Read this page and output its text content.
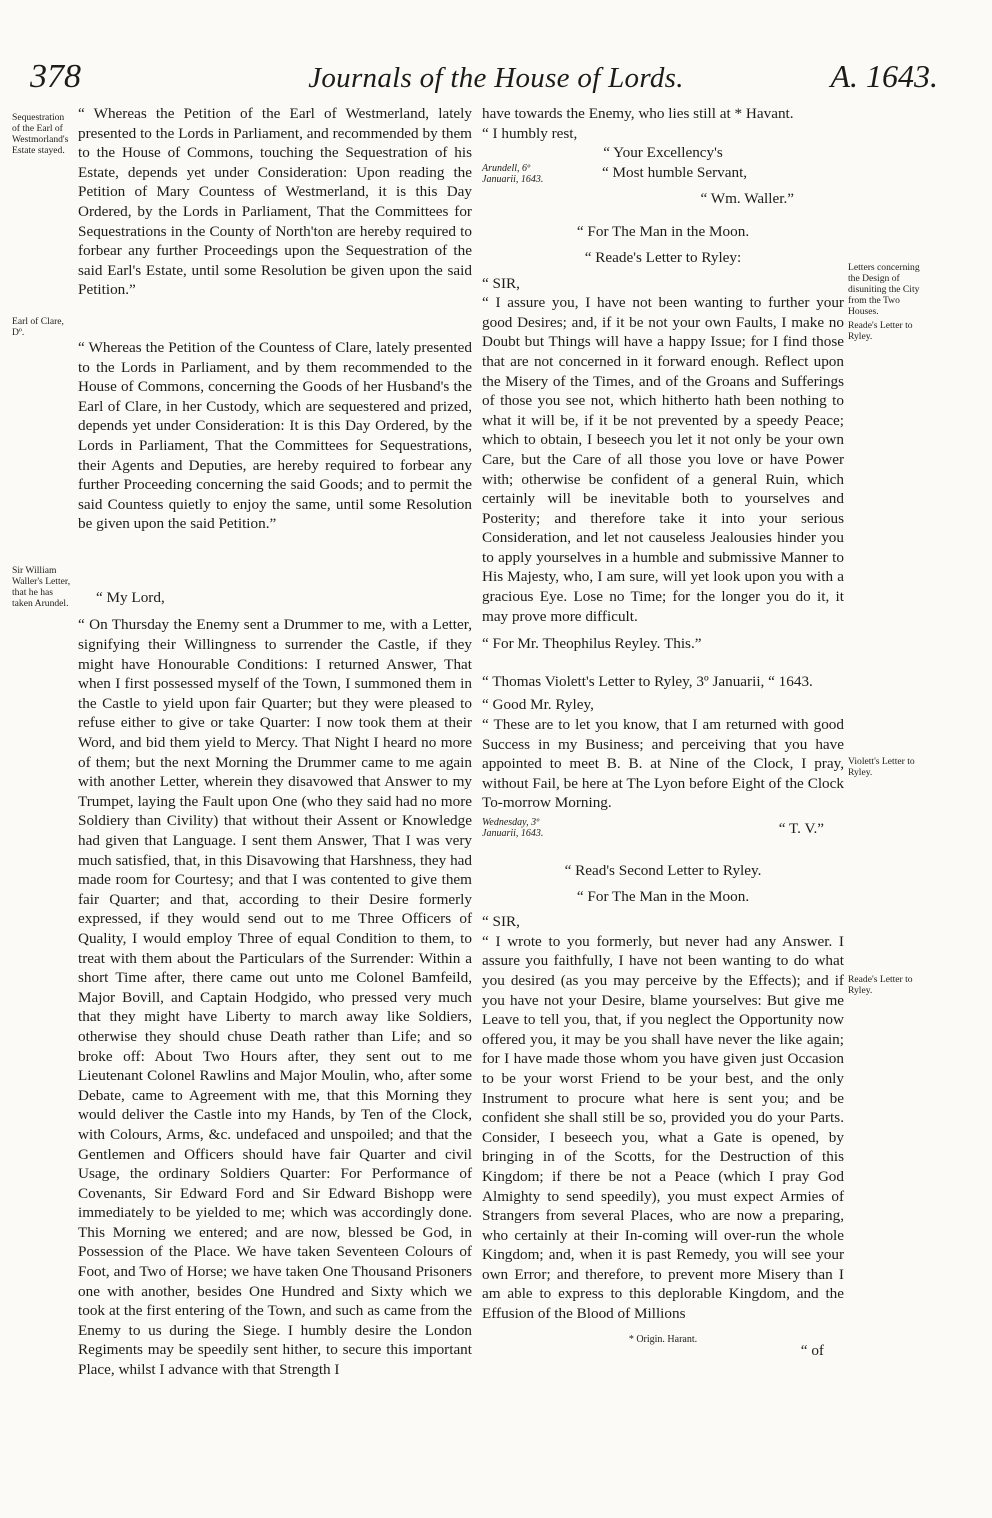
378	Journals of the House of Lords.	A. 1643.
Sequestration of the Earl of Westmorland's Estate stayed.
Earl of Clare, Dº.
Sir William Waller's Letter, that he has taken Arundel.
Letters concerning the Design of disuniting the City from the Two Houses.
Reade's Letter to Ryley.
Violett's Letter to Ryley.
Reade's Letter to Ryley.

“ Whereas the Petition of the Earl of Westmerland, lately presented to the Lords in Parliament, and recommended by them to the House of Commons, touching the Sequestration of his Estate, depends yet under Consideration: Upon reading the Petition of Mary Countess of Westmerland, it is this Day Ordered, by the Lords in Parliament, That the Committees for Sequestrations in the County of North'ton are hereby required to forbear any further Proceedings upon the Sequestration of the said Earl's Estate, until some Resolution be given upon the said Petition.”

“ Whereas the Petition of the Countess of Clare, lately presented to the Lords in Parliament, and by them recommended to the House of Commons, concerning the Goods of her Husband's the Earl of Clare, in her Custody, which are sequestered and prized, depends yet under Consideration: It is this Day Ordered, by the Lords in Parliament, That the Committees for Sequestrations, their Agents and Deputies, are hereby required to forbear any further Proceeding concerning the said Goods; and to permit the said Countess quietly to enjoy the same, until some Resolution be given upon the said Petition.”

“ My Lord,

“ On Thursday the Enemy sent a Drummer to me, with a Letter, signifying their Willingness to surrender the Castle, if they might have Honourable Conditions: I returned Answer, That when I first possessed myself of the Town, I summoned them in the Castle to yield upon fair Quarter; but they were pleased to refuse either to give or take Quarter: I now took them at their Word, and bid them yield to Mercy. That Night I heard no more of them; but the next Morning the Drummer came to me again with another Letter, wherein they disavowed that Answer to my Trumpet, laying the Fault upon One (who they said had no more Soldiery than Civility) that without their Assent or Knowledge had given that Language. I sent them Answer, That I was very much satisfied, that, in this Disavowing that Harshness, they had made room for Courtesy; and that I was contented to give them fair Quarter; and that, according to their Desire formerly expressed, if they would send out to me Three Officers of Quality, I would employ Three of equal Condition to them, to treat with them about the Particulars of the Surrender: Within a short Time after, there came out unto me Colonel Bamfeild, Major Bovill, and Captain Hodgido, who pressed very much that they might have Liberty to march away like Soldiers, otherwise they should chuse Death rather than Life; and so broke off: About Two Hours after, they sent out to me Lieutenant Colonel Rawlins and Major Moulin, who, after some Debate, came to Agreement with me, that this Morning they would deliver the Castle into my Hands, by Ten of the Clock, with Colours, Arms, &c. undefaced and unspoiled; and that the Gentlemen and Officers should have fair Quarter and civil Usage, the ordinary Soldiers Quarter: For Performance of Covenants, Sir Edward Ford and Sir Edward Bishopp were immediately to be yielded to me; which was accordingly done. This Morning we entered; and are now, blessed be God, in Possession of the Place. We have taken Seventeen Colours of Foot, and Two of Horse; we have taken One Thousand Prisoners one with another, besides One Hundred and Sixty which we took at the first entering of the Town, and such as came from the Enemy to us during the Siege. I humbly desire the London Regiments may be speedily sent hither, to secure this important Place, whilst I advance with that Strength I

have towards the Enemy, who lies still at * Havant.

“ I humbly rest,

“ Your Excellency's

Arundell, 6º Januarii, 1643.	“ Most humble Servant,

“ Wm. Waller.”

“ For The Man in the Moon.

“ Reade's Letter to Ryley:

“ SIR,

“ I assure you, I have not been wanting to further your good Desires; and, if it be not your own Faults, I make no Doubt but Things will have a happy Issue; for I find those that are not concerned in it forward enough. Reflect upon the Misery of the Times, and of the Groans and Sufferings of those you see not, which hitherto hath been nothing to what it will be, if it be not prevented by a speedy Peace; which to obtain, I beseech you let it not only be your own Care, but the Care of all those you love or have Power with; otherwise be confident of a general Ruin, which certainly will be inevitable both to yourselves and Posterity; and therefore take it into your serious Consideration, and let not causeless Jealousies hinder you to apply yourselves in a humble and submissive Manner to His Majesty, who, I am sure, will yet look upon you with a gracious Eye. Lose no Time; for the longer you do it, it may prove more difficult.

“ For Mr. Theophilus Reyley. This.”

“ Thomas Violett's Letter to Ryley, 3º Januarii, “ 1643.

“ Good Mr. Ryley,

“ These are to let you know, that I am returned with good Success in my Business; and perceiving that you have appointed to meet B. B. at Nine of the Clock, I pray, without Fail, be here at The Lyon before Eight of the Clock To-morrow Morning.

Wednesday, 3º Januarii, 1643.	“ T. V.”

“ Read's Second Letter to Ryley.

“ For The Man in the Moon.

“ SIR,

“ I wrote to you formerly, but never had any Answer. I assure you faithfully, I have not been wanting to do what you desired (as you may perceive by the Effects); and if you have not your Desire, blame yourselves: But give me Leave to tell you, that, if you neglect the Opportunity now offered you, it may be you shall have never the like again; for I have made those whom you have given just Occasion to be your worst Friend to be your best, and the only Instrument to procure what here is sent you; and be confident she shall still be so, provided you do your Parts. Consider, I beseech you, what a Gate is opened, by bringing in of the Scotts, for the Destruction of this Kingdom; if there be not a Peace (which I pray God Almighty to send speedily), you must expect Armies of Strangers from several Places, who are now a preparing, who certainly at their In-coming will over-run the whole Kingdom; and, when it is past Remedy, you will see your own Error; and therefore, to prevent more Misery than I am able to express to this deplorable Kingdom, and the Effusion of the Blood of Millions

* Origin. Harant.

“ of
